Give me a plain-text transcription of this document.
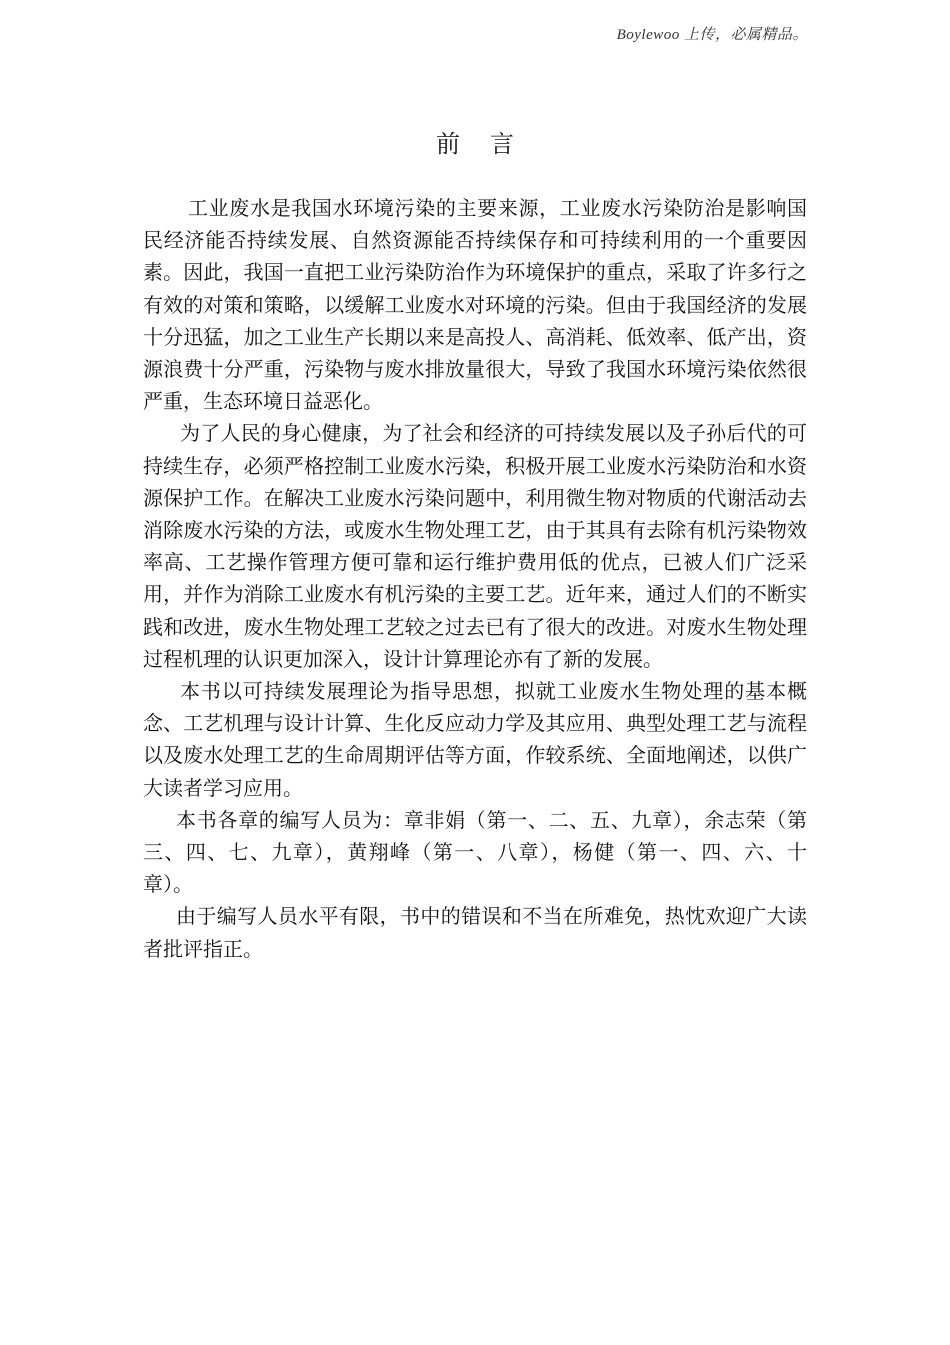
Boylewoo 上传，必属精品。
前言

工业废水是我国水环境污染的主要来源，工业废水污染防治是影响国民经济能否持续发展、自然资源能否持续保存和可持续利用的一个重要因素。因此，我国一直把工业污染防治作为环境保护的重点，采取了许多行之有效的对策和策略，以缓解工业废水对环境的污染。但由于我国经济的发展十分迅猛，加之工业生产长期以来是高投人、高消耗、低效率、低产出，资源浪费十分严重，污染物与废水排放量很大，导致了我国水环境污染依然很严重，生态环境日益恶化。

为了人民的身心健康，为了社会和经济的可持续发展以及子孙后代的可持续生存，必须严格控制工业废水污染，积极开展工业废水污染防治和水资源保护工作。在解决工业废水污染问题中，利用微生物对物质的代谢活动去消除废水污染的方法，或废水生物处理工艺，由于其具有去除有机污染物效率高、工艺操作管理方便可靠和运行维护费用低的优点，已被人们广泛采用，并作为消除工业废水有机污染的主要工艺。近年来，通过人们的不断实践和改进，废水生物处理工艺较之过去已有了很大的改进。对废水生物处理过程机理的认识更加深入，设计计算理论亦有了新的发展。

本书以可持续发展理论为指导思想，拟就工业废水生物处理的基本概念、工艺机理与设计计算、生化反应动力学及其应用、典型处理工艺与流程以及废水处理工艺的生命周期评估等方面，作较系统、全面地阐述，以供广大读者学习应用。

本书各章的编写人员为：章非娟（第一、二、五、九章），余志荣（第三、四、七、九章），黄翔峰（第一、八章），杨健（第一、四、六、十章）。

由于编写人员水平有限，书中的错误和不当在所难免，热忱欢迎广大读者批评指正。
